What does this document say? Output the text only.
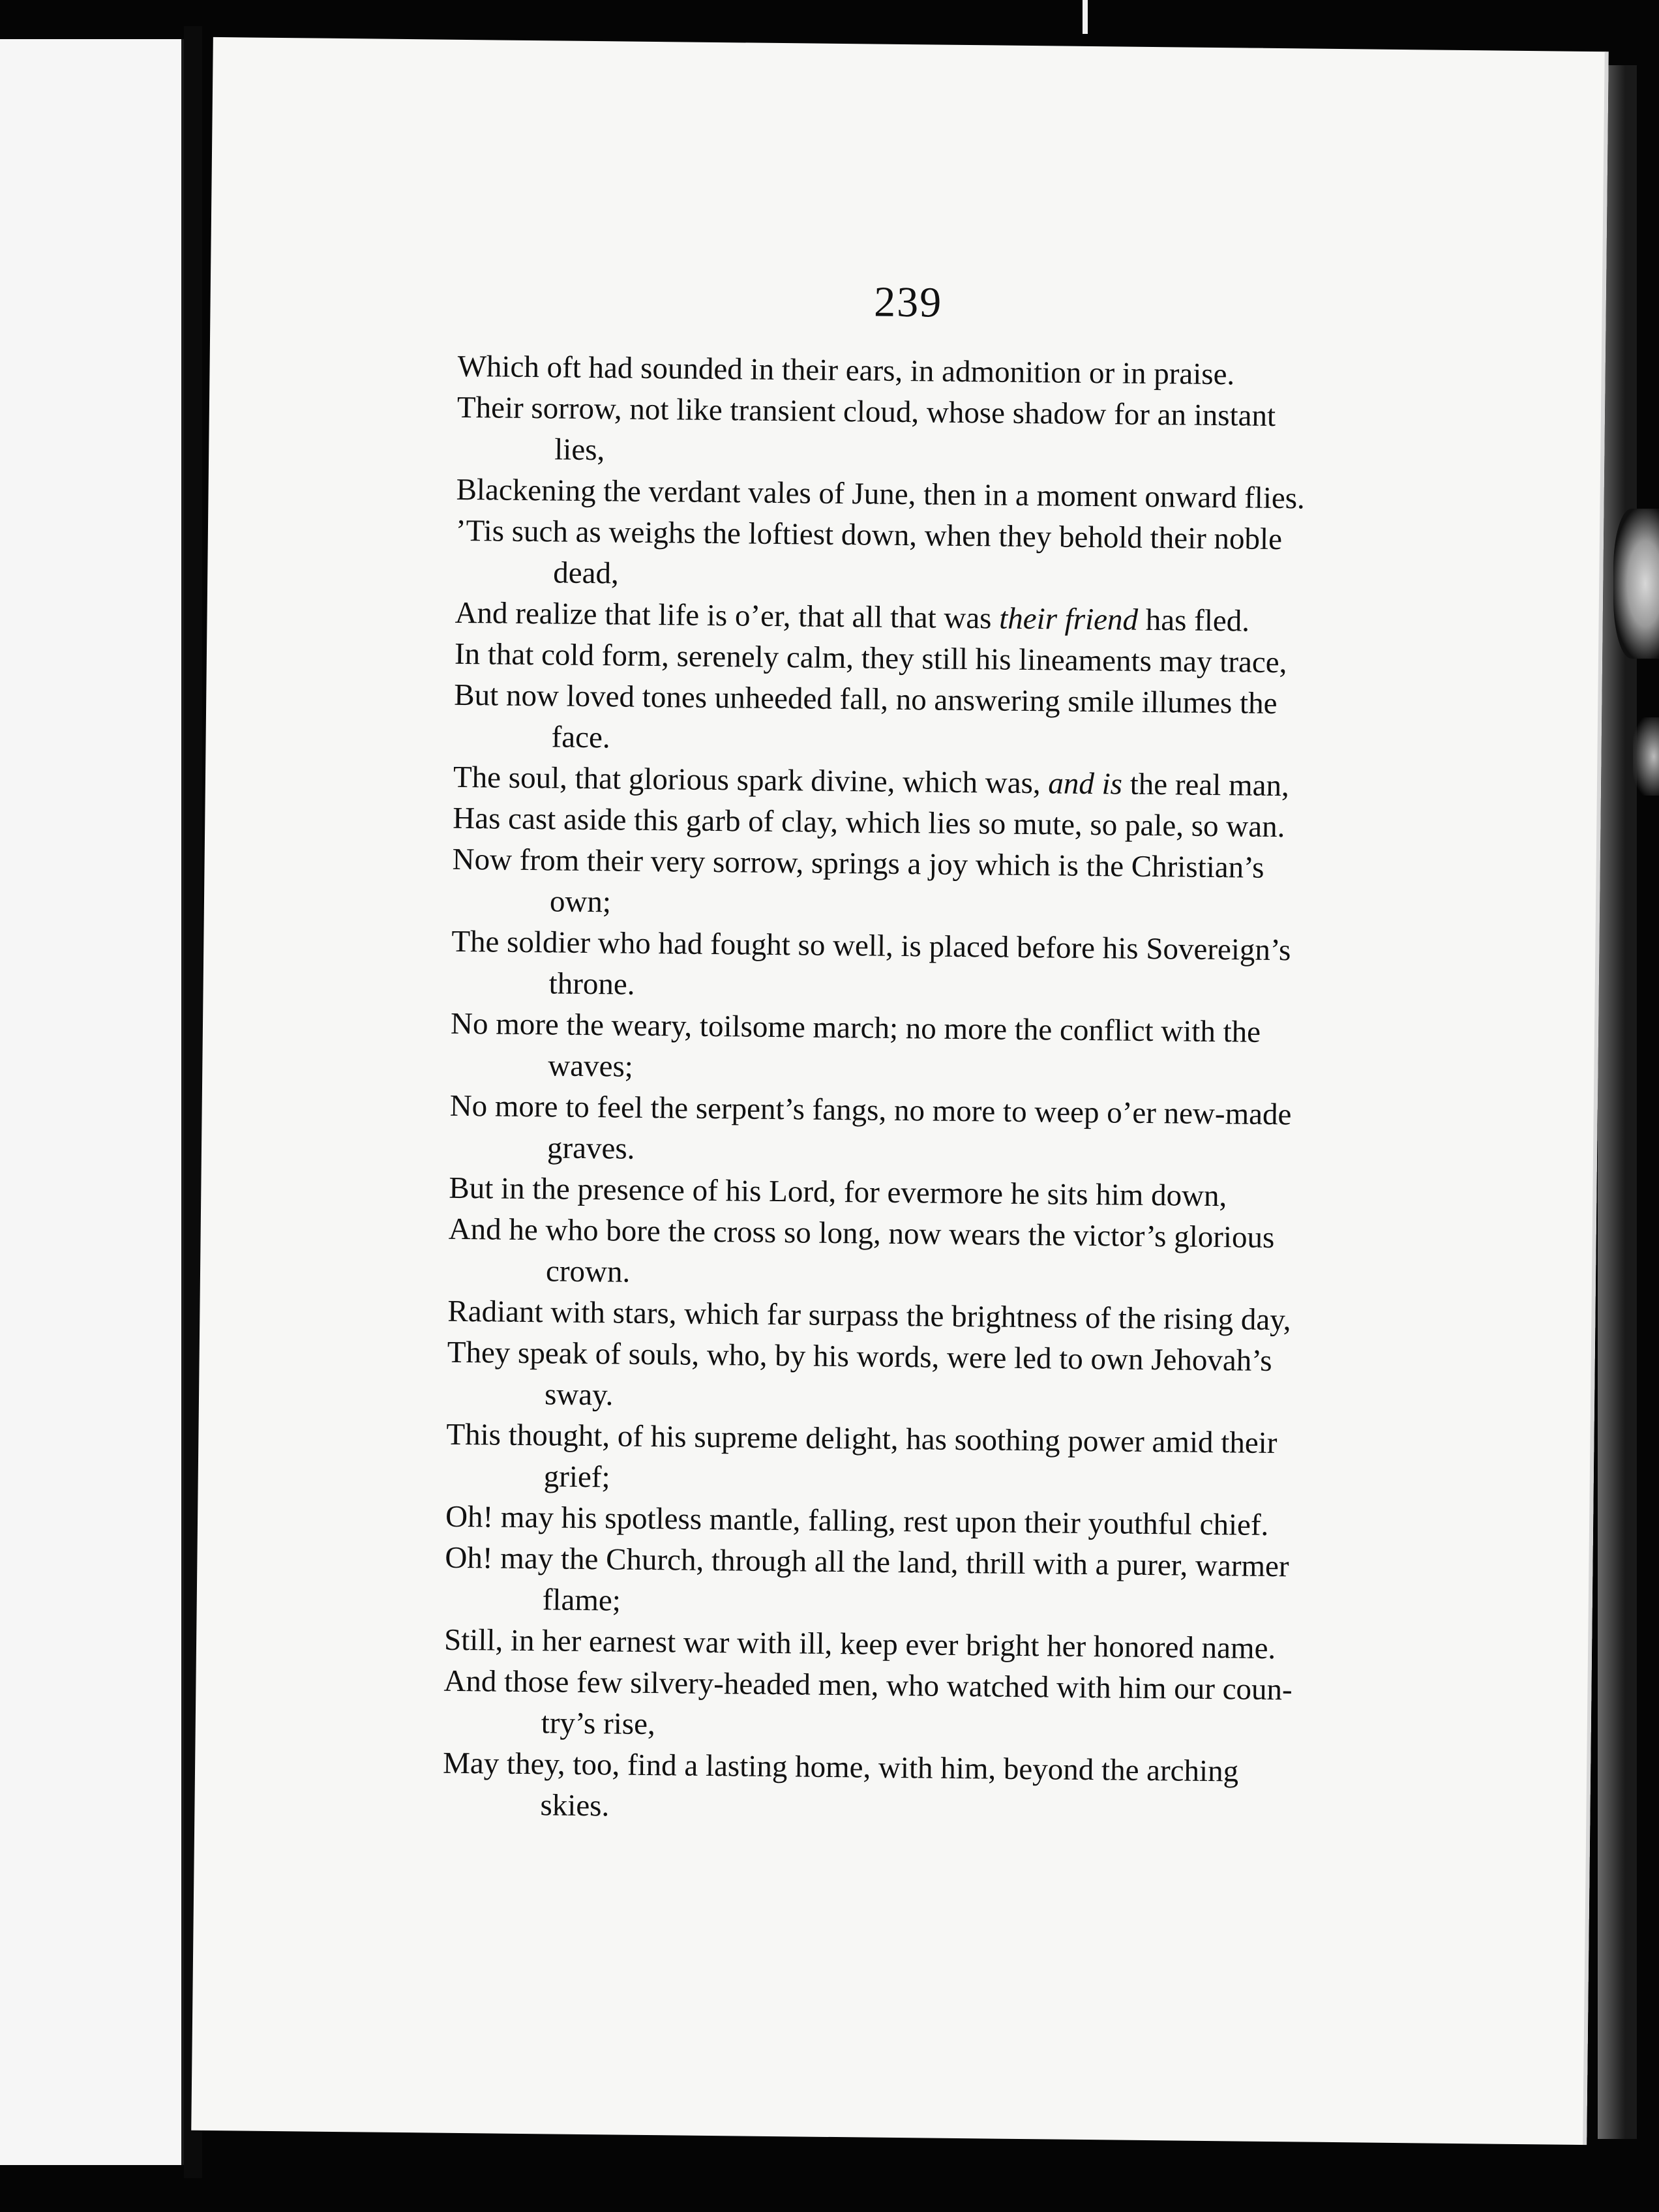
239
Which oft had sounded in their ears, in admonition or in praise.
Their sorrow, not like transient cloud, whose shadow for an instant
lies,
Blackening the verdant vales of June, then in a moment onward flies.
’Tis such as weighs the loftiest down, when they behold their noble
dead,
And realize that life is o’er, that all that was their friend has fled.
In that cold form, serenely calm, they still his lineaments may trace,
But now loved tones unheeded fall, no answering smile illumes the
face.
The soul, that glorious spark divine, which was, and is the real man,
Has cast aside this garb of clay, which lies so mute, so pale, so wan.
Now from their very sorrow, springs a joy which is the Christian’s
own;
The soldier who had fought so well, is placed before his Sovereign’s
throne.
No more the weary, toilsome march; no more the conflict with the
waves;
No more to feel the serpent’s fangs, no more to weep o’er new-made
graves.
But in the presence of his Lord, for evermore he sits him down,
And he who bore the cross so long, now wears the victor’s glorious
crown.
Radiant with stars, which far surpass the brightness of the rising day,
They speak of souls, who, by his words, were led to own Jehovah’s
sway.
This thought, of his supreme delight, has soothing power amid their
grief;
Oh! may his spotless mantle, falling, rest upon their youthful chief.
Oh! may the Church, through all the land, thrill with a purer, warmer
flame;
Still, in her earnest war with ill, keep ever bright her honored name.
And those few silvery-headed men, who watched with him our coun-
try’s rise,
May they, too, find a lasting home, with him, beyond the arching
skies.
